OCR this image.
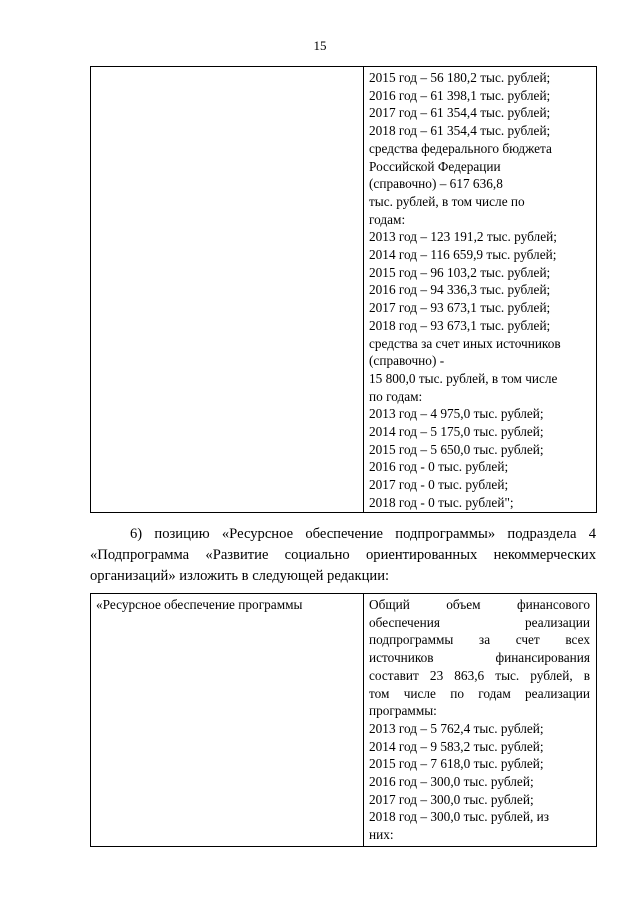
15

2015 год – 56 180,2 тыс. рублей;
2016 год – 61 398,1 тыс. рублей;
2017 год – 61 354,4 тыс. рублей;
2018 год – 61 354,4 тыс. рублей;
средства федерального бюджета
Российской Федерации
(справочно) – 617 636,8
тыс. рублей, в том числе по
годам:
2013 год – 123 191,2 тыс. рублей;
2014 год – 116 659,9 тыс. рублей;
2015 год – 96 103,2 тыс. рублей;
2016 год – 94 336,3 тыс. рублей;
2017 год – 93 673,1 тыс. рублей;
2018 год – 93 673,1 тыс. рублей;
средства за счет иных источников
(справочно) -
15 800,0 тыс. рублей, в том числе
по годам:
2013 год – 4 975,0 тыс. рублей;
2014 год – 5 175,0 тыс. рублей;
2015 год – 5 650,0 тыс. рублей;
2016 год - 0 тыс. рублей;
2017 год - 0 тыс. рублей;
2018 год - 0 тыс. рублей";
6) позицию «Ресурсное обеспечение подпрограммы» подраздела 4
«Подпрограмма «Развитие социально ориентированных некоммерческих
организаций» изложить в следующей редакции:
«Ресурсное обеспечение программы	Общий объем финансового
обеспечения реализации
подпрограммы за счет всех
источников финансирования
составит 23 863,6 тыс. рублей, в
том числе по годам реализации
программы:
2013 год – 5 762,4 тыс. рублей;
2014 год – 9 583,2 тыс. рублей;
2015 год – 7 618,0 тыс. рублей;
2016 год – 300,0 тыс. рублей;
2017 год – 300,0 тыс. рублей;
2018 год – 300,0 тыс. рублей, из
них:
